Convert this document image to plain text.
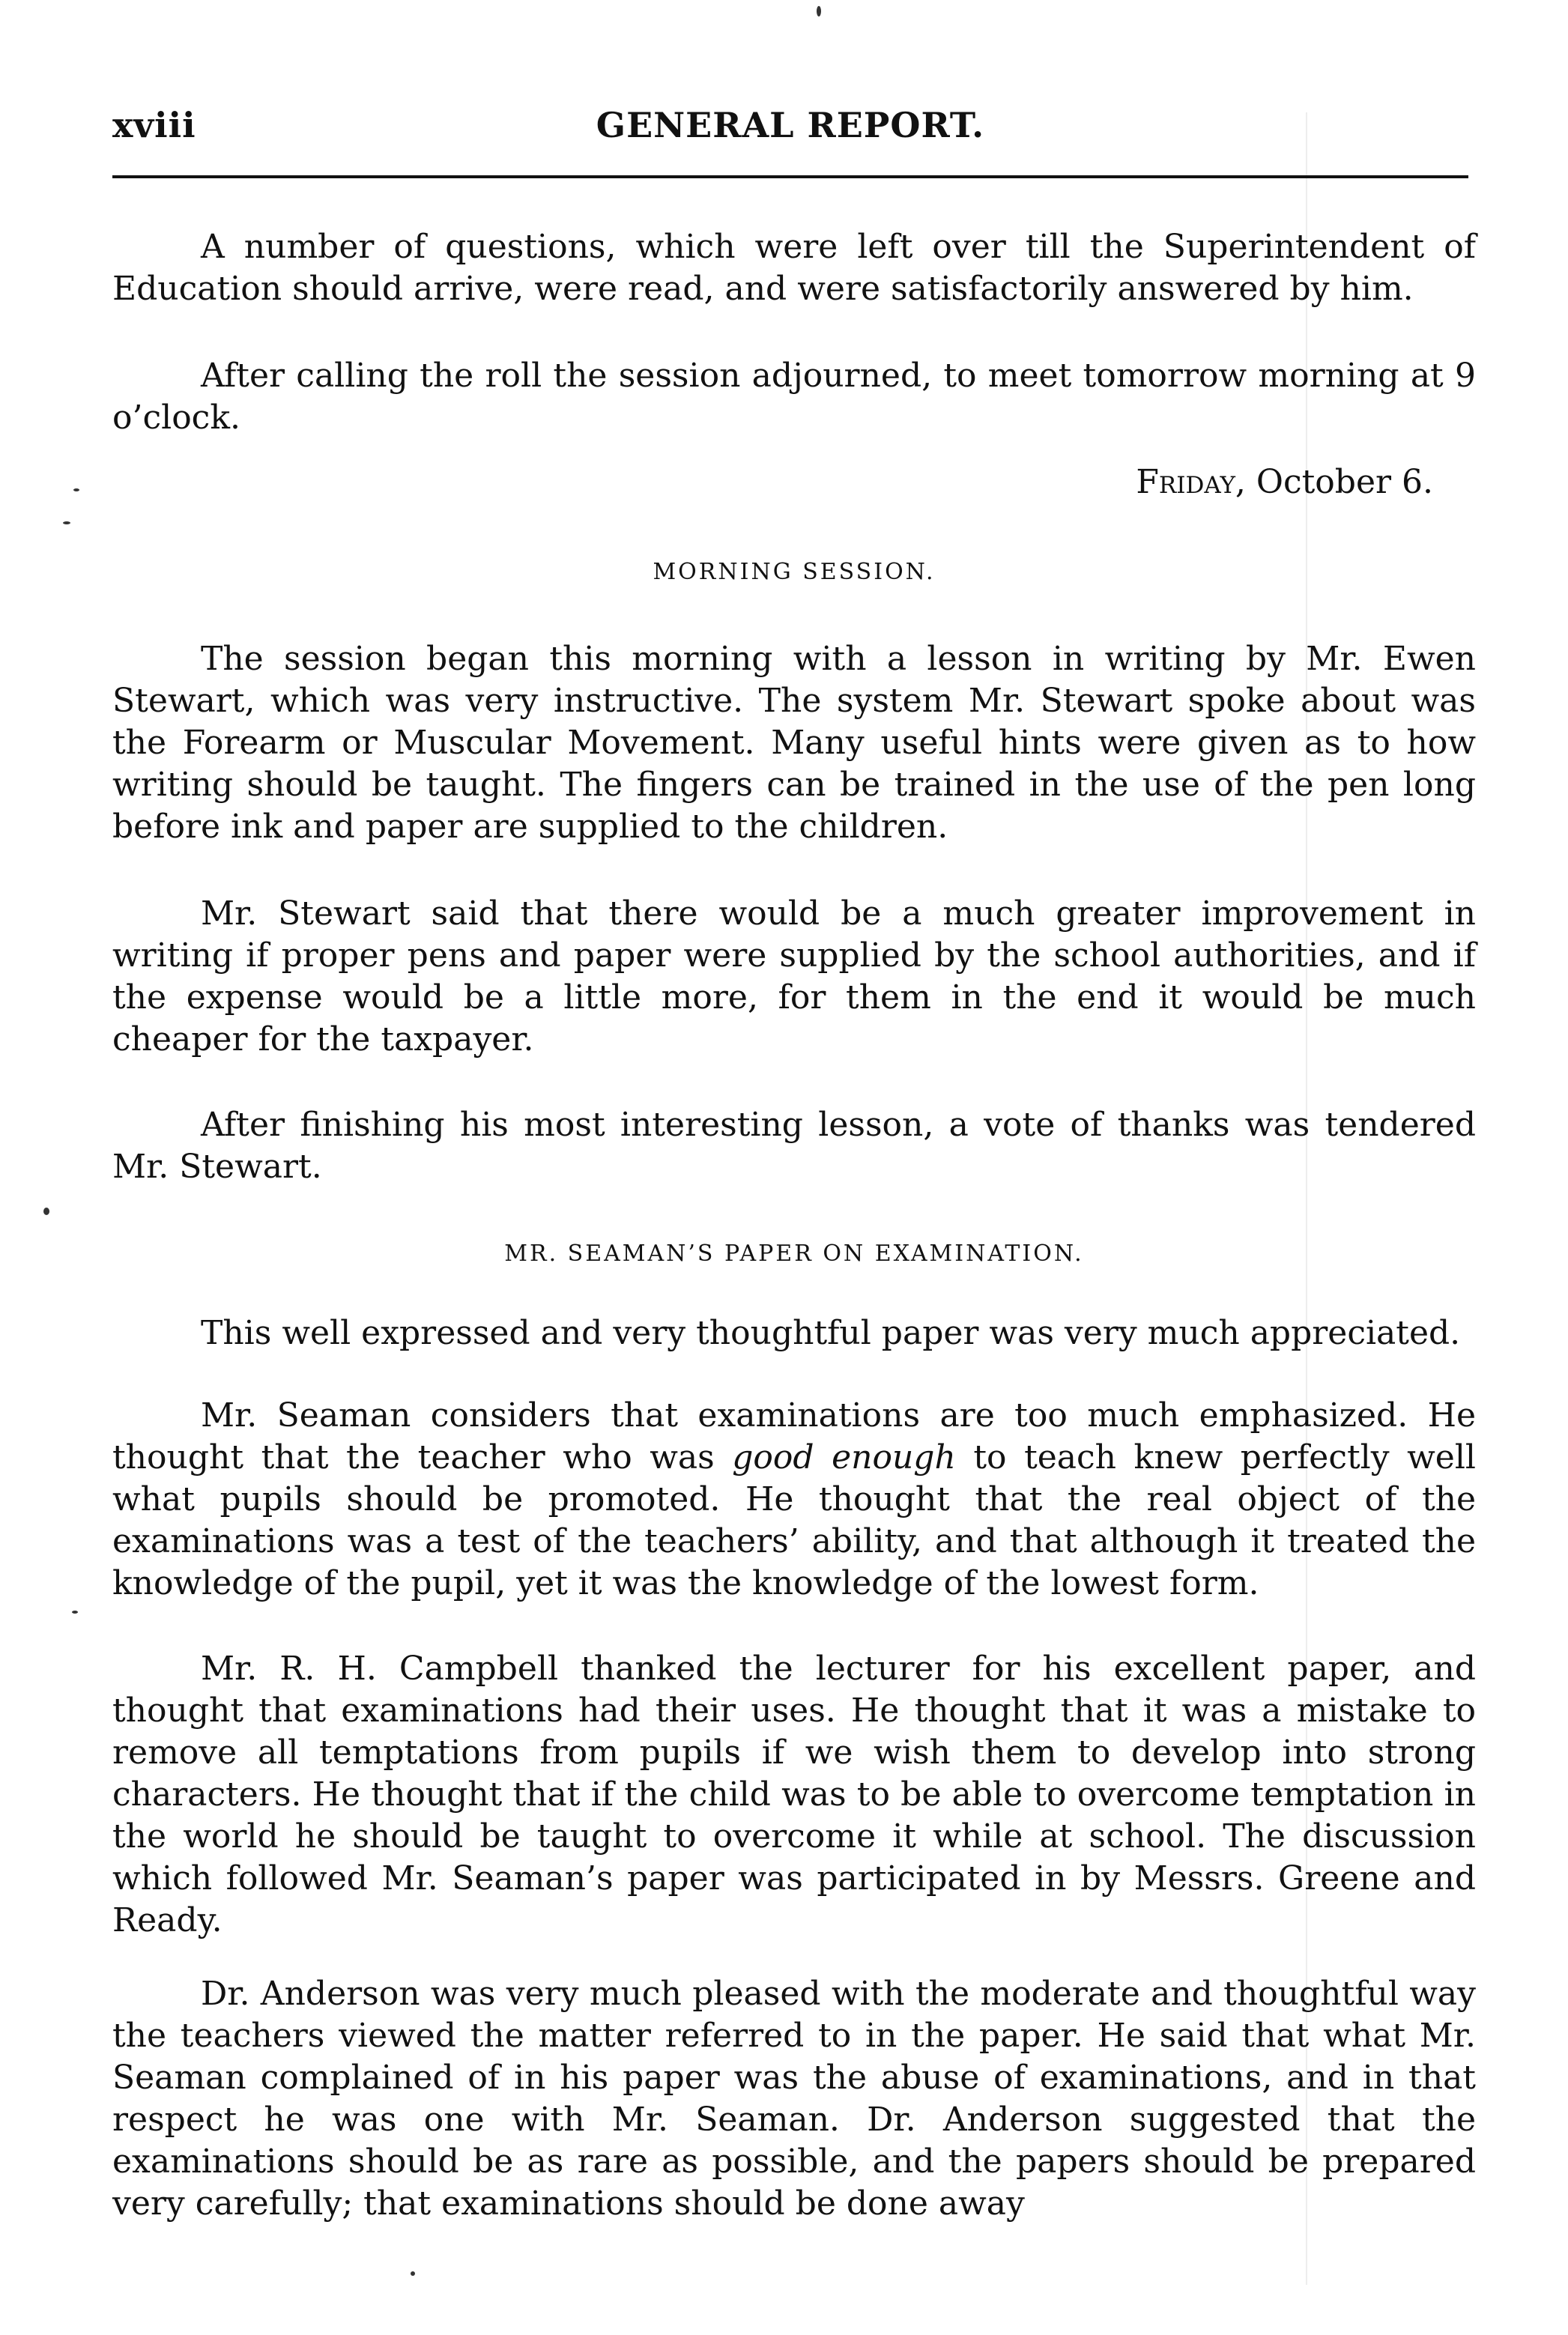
xviii	GENERAL REPORT.

A number of questions, which were left over till the Superintendent of Education should arrive, were read, and were satisfactorily answered by him.

After calling the roll the session adjourned, to meet tomorrow morning at 9 o’clock.

Friday, October 6.

MORNING SESSION.

The session began this morning with a lesson in writing by Mr. Ewen Stewart, which was very instructive. The system Mr. Stewart spoke about was the Forearm or Muscular Movement. Many useful hints were given as to how writing should be taught. The fingers can be trained in the use of the pen long before ink and paper are supplied to the children.

Mr. Stewart said that there would be a much greater improvement in writing if proper pens and paper were supplied by the school authorities, and if the expense would be a little more, for them in the end it would be much cheaper for the taxpayer.

After finishing his most interesting lesson, a vote of thanks was tendered Mr. Stewart.

MR. SEAMAN’S PAPER ON EXAMINATION.

This well expressed and very thoughtful paper was very much appreciated.

Mr. Seaman considers that examinations are too much emphasized. He thought that the teacher who was good enough to teach knew perfectly well what pupils should be promoted. He thought that the real object of the examinations was a test of the teachers’ ability, and that although it treated the knowledge of the pupil, yet it was the knowledge of the lowest form.

Mr. R. H. Campbell thanked the lecturer for his excellent paper, and thought that examinations had their uses. He thought that it was a mistake to remove all temptations from pupils if we wish them to develop into strong characters. He thought that if the child was to be able to overcome temptation in the world he should be taught to overcome it while at school. The discussion which followed Mr. Seaman’s paper was participated in by Messrs. Greene and Ready.

Dr. Anderson was very much pleased with the moderate and thoughtful way the teachers viewed the matter referred to in the paper. He said that what Mr. Seaman complained of in his paper was the abuse of examinations, and in that respect he was one with Mr. Seaman. Dr. Anderson suggested that the examinations should be as rare as possible, and the papers should be prepared very carefully; that examinations should be done away
